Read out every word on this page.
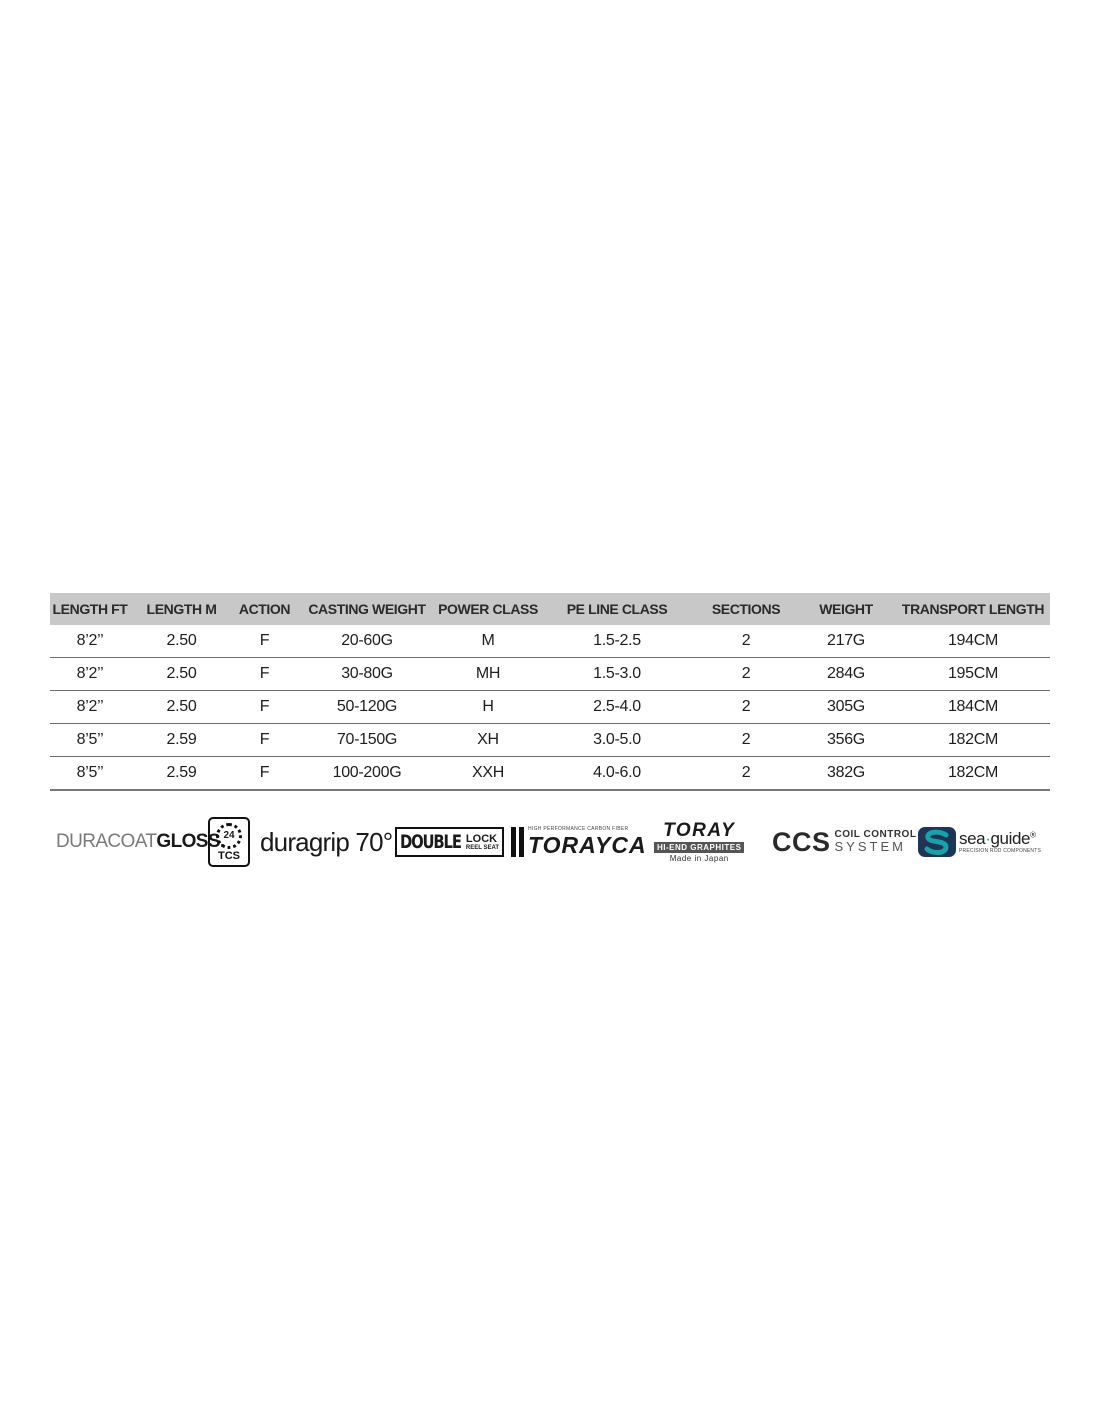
LENGTH FT	LENGTH M	ACTION	CASTING WEIGHT	POWER CLASS	PE LINE CLASS	SECTIONS	WEIGHT	TRANSPORT LENGTH
8’2’’	2.50	F	20-60G	M	1.5-2.5	2	217G	194CM
8’2’’	2.50	F	30-80G	MH	1.5-3.0	2	284G	195CM
8’2’’	2.50	F	50-120G	H	2.5-4.0	2	305G	184CM
8’5’’	2.59	F	70-150G	XH	3.0-5.0	2	356G	182CM
8’5’’	2.59	F	100-200G	XXH	4.0-6.0	2	382G	182CM
DURACOAT GLOSS.
24
TCS duragrip 70° DOUBLE LOCK
REEL SEAT
HIGH PERFORMANCE CARBON FIBER
TORAYCA
TORAY
HI-END GRAPHITES
Made in Japan
CCS COIL CONTROL
SYSTEM	sea·guide®
PRECISION ROD COMPONENTS
